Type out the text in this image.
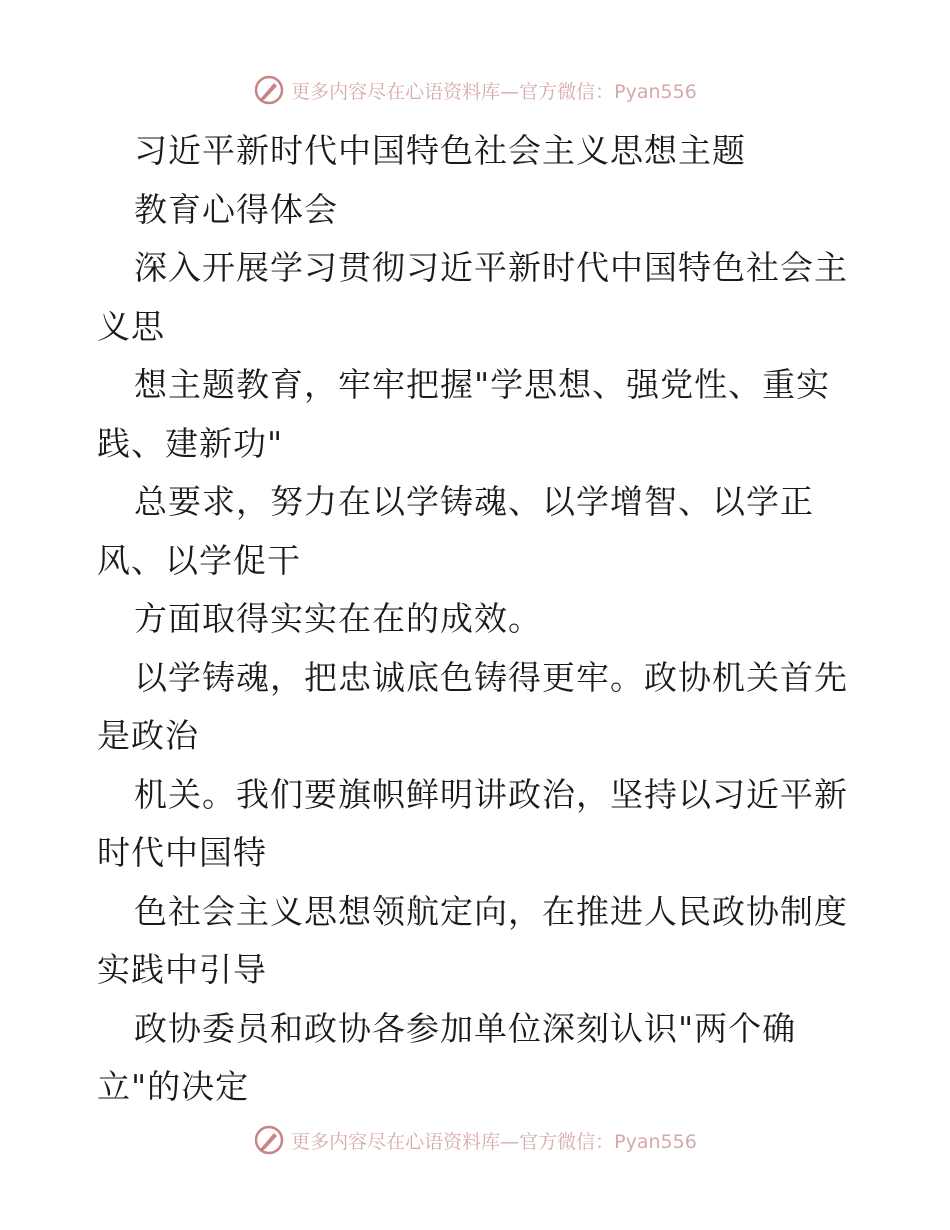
更多内容尽在心语资料库—官方微信：Pyan556
习近平新时代中国特色社会主义思想主题
教育心得体会
深入开展学习贯彻习近平新时代中国特色社会主
义思
想主题教育，牢牢把握"学思想、强党性、重实
践、建新功"
总要求，努力在以学铸魂、以学增智、以学正
风、以学促干
方面取得实实在在的成效。
以学铸魂，把忠诚底色铸得更牢。政协机关首先
是政治
机关。我们要旗帜鲜明讲政治，坚持以习近平新
时代中国特
色社会主义思想领航定向，在推进人民政协制度
实践中引导
政协委员和政协各参加单位深刻认识"两个确
立"的决定
更多内容尽在心语资料库—官方微信：Pyan556
